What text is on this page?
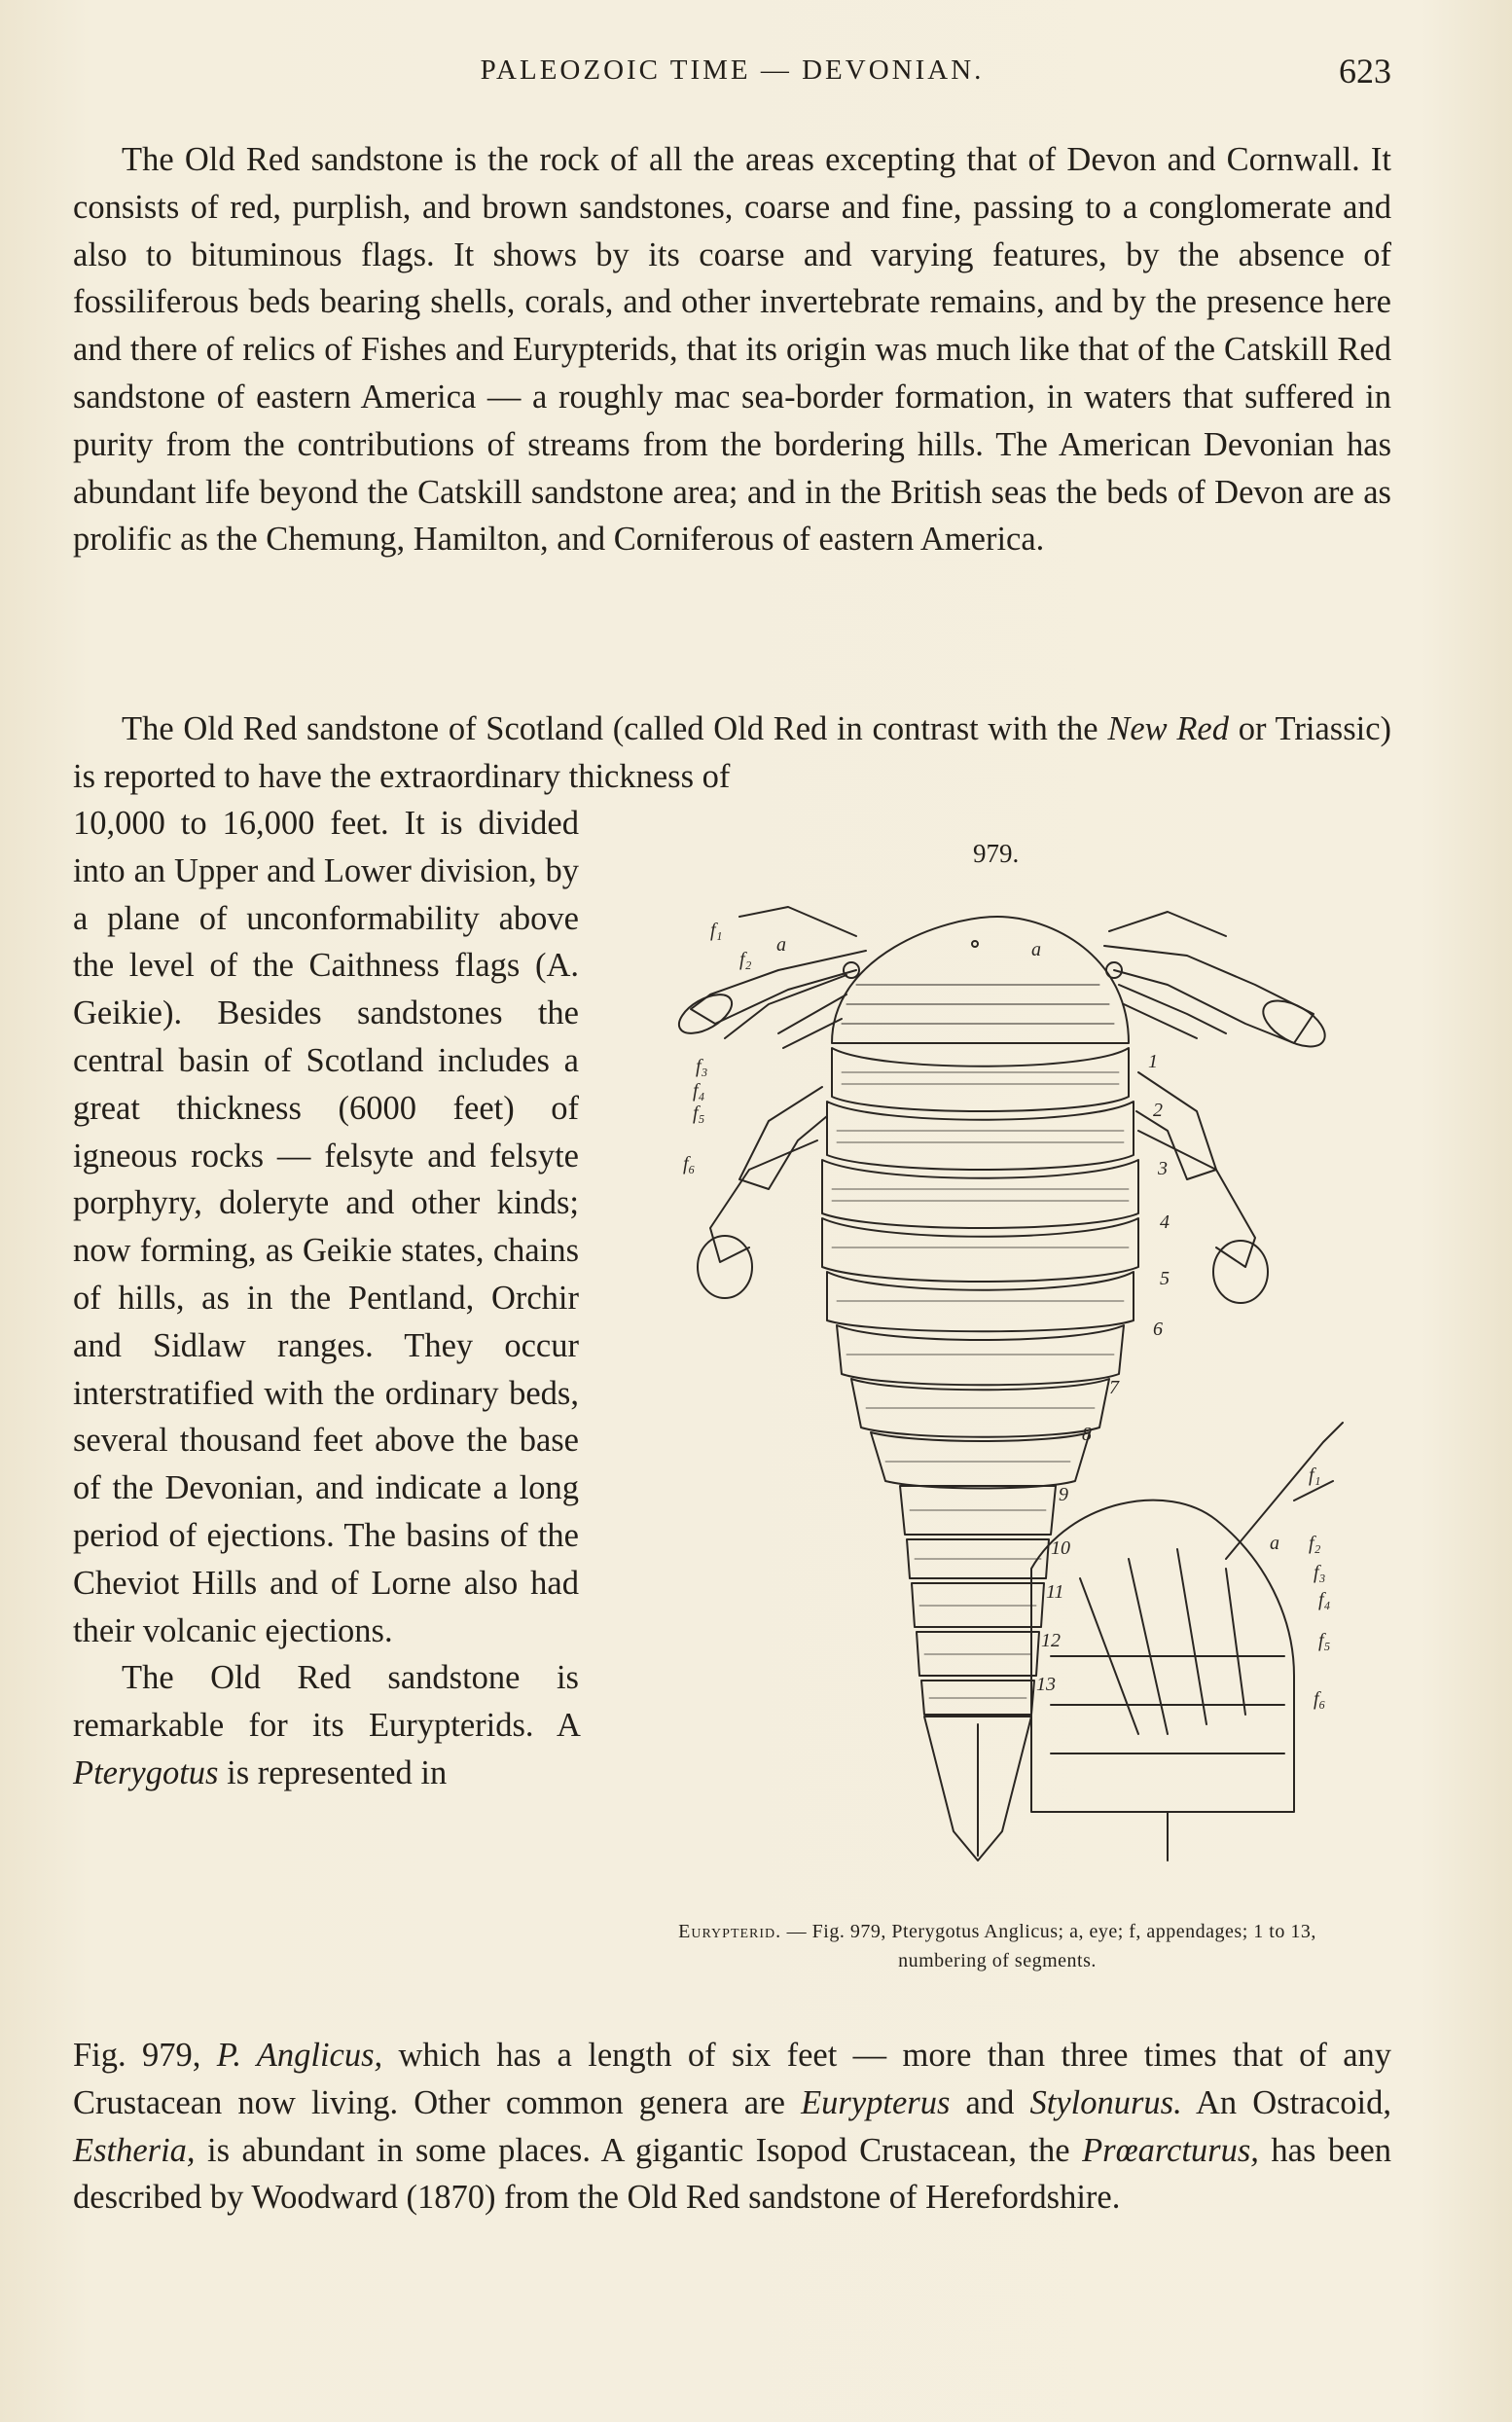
PALEOZOIC TIME — DEVONIAN.	623

The Old Red sandstone is the rock of all the areas excepting that of Devon and Cornwall. It consists of red, purplish, and brown sandstones, coarse and fine, passing to a conglomerate and also to bituminous flags. It shows by its coarse and varying features, by the absence of fossiliferous beds bearing shells, corals, and other invertebrate remains, and by the presence here and there of relics of Fishes and Eurypterids, that its origin was much like that of the Catskill Red sandstone of eastern America — a roughly mac sea-border formation, in waters that suffered in purity from the contributions of streams from the bordering hills. The American Devonian has abundant life beyond the Catskill sandstone area; and in the British seas the beds of Devon are as prolific as the Chemung, Hamilton, and Corniferous of eastern America.

The Old Red sandstone of Scotland (called Old Red in contrast with the New Red or Triassic) is reported to have the extraordinary thickness of

10,000 to 16,000 feet. It is divided into an Upper and Lower division, by a plane of unconformability above the level of the Caithness flags (A. Geikie). Besides sandstones the central basin of Scotland includes a great thickness (6000 feet) of igneous rocks — felsyte and felsyte porphyry, doleryte and other kinds; now forming, as Geikie states, chains of hills, as in the Pentland, Orchir and Sidlaw ranges. They occur interstratified with the ordinary beds, several thousand feet above the base of the Devonian, and indicate a long period of ejections. The basins of the Cheviot Hills and of Lorne also had their volcanic ejections.

The Old Red sandstone is remarkable for its Eurypterids. A Pterygotus is represented in

979.
f₁
f₂
f₃
f₄
f₅
f₆
a	a
1
2
3
4
5
6
7
8
9
10
11
12
13
f₁
f₂
f₃
f₄
f₅
f₆
a
Eurypterid. — Fig. 979, Pterygotus Anglicus; a, eye; f, appendages; 1 to 13, numbering of segments.

Fig. 979, P. Anglicus, which has a length of six feet — more than three times that of any Crustacean now living. Other common genera are Eurypterus and Stylonurus. An Ostracoid, Estheria, is abundant in some places. A gigantic Isopod Crustacean, the Prœarcturus, has been described by Woodward (1870) from the Old Red sandstone of Herefordshire.
